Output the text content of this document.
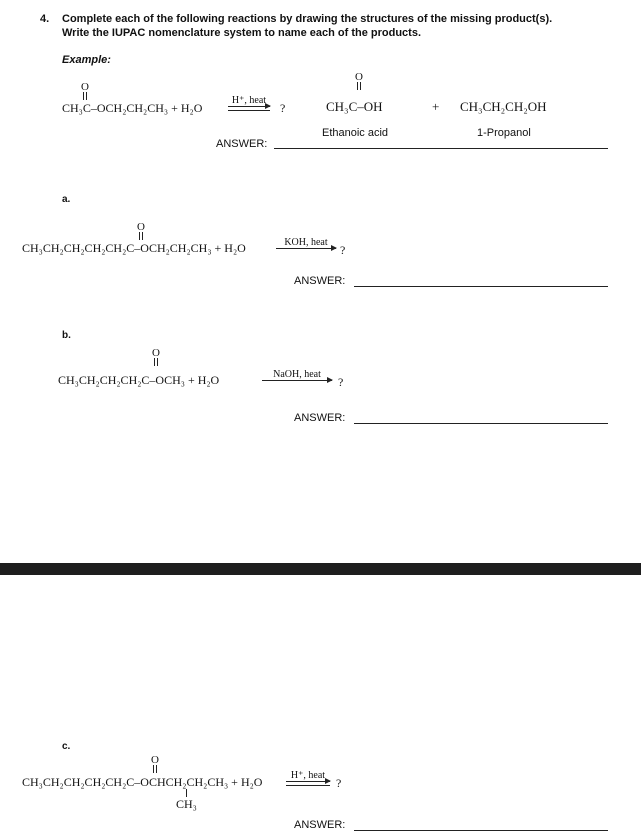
4. Complete each of the following reactions by drawing the structures of the missing product(s).
Write the IUPAC nomenclature system to name each of the products.
Example:
O
CH₃C–OCH₂CH₂CH₃ + H₂O
H⁺, heat
?
O
CH₃C–OH	+ CH₃CH₂CH₂OH
Ethanoic acid	1-Propanol
ANSWER:
a.
O
CH₃CH₂CH₂CH₂CH₂C–OCH₂CH₂CH₃ + H₂O	KOH, heat
?
ANSWER:
b.
O
CH₃CH₂CH₂CH₂C–OCH₃ + H₂O	NaOH, heat
?
ANSWER:
c.
O
CH₃CH₂CH₂CH₂CH₂C–OCHCH₂CH₂CH₃ + H₂O
CH₃
H⁺, heat
?
ANSWER:
